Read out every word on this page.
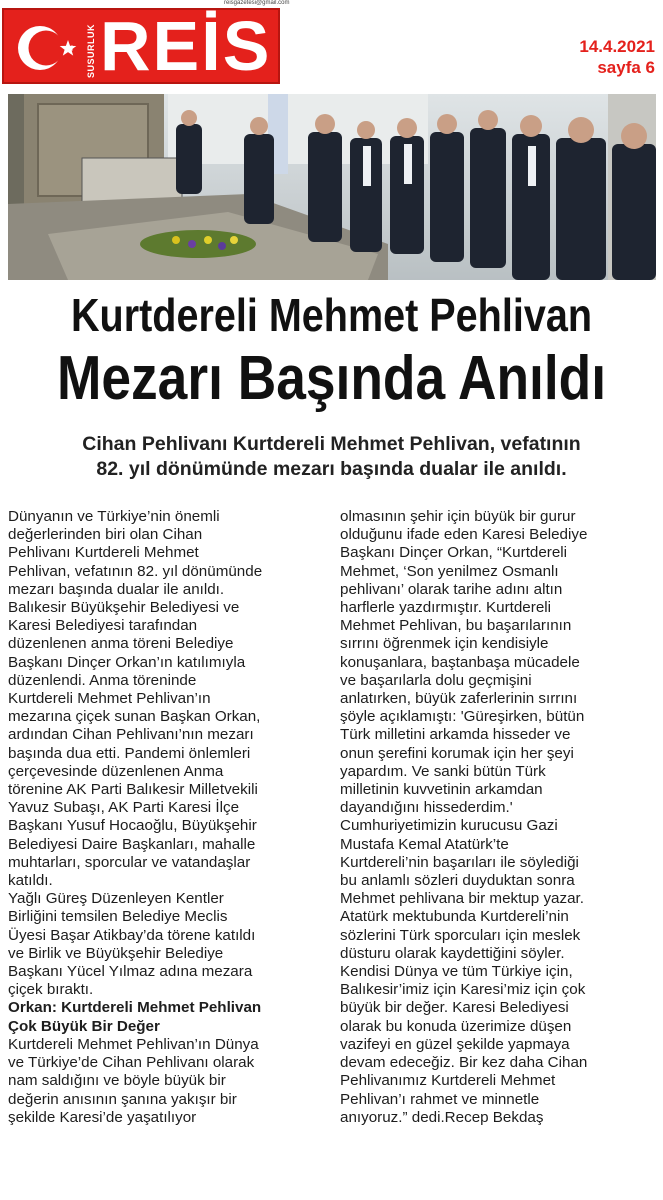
reisgazetesi@gmail.com
SUSURLUK REİS	14.4.2021
sayfa 6
Kurtdereli Mehmet Pehlivan
Mezarı Başında Anıldı
Cihan Pehlivanı Kurtdereli Mehmet Pehlivan, vefatının
82. yıl dönümünde mezarı başında dualar ile anıldı.
Dünyanın ve Türkiye’nin önemli
değerlerinden biri olan Cihan
Pehlivanı Kurtdereli Mehmet
Pehlivan, vefatının 82. yıl dönümünde
mezarı başında dualar ile anıldı.
Balıkesir Büyükşehir Belediyesi ve
Karesi Belediyesi tarafından
düzenlenen anma töreni Belediye
Başkanı Dinçer Orkan’ın katılımıyla
düzenlendi. Anma töreninde
Kurtdereli Mehmet Pehlivan’ın
mezarına çiçek sunan Başkan Orkan,
ardından Cihan Pehlivanı’nın mezarı
başında dua etti. Pandemi önlemleri
çerçevesinde düzenlenen Anma
törenine AK Parti Balıkesir Milletvekili
Yavuz Subaşı, AK Parti Karesi İlçe
Başkanı Yusuf Hocaoğlu, Büyükşehir
Belediyesi Daire Başkanları, mahalle
muhtarları, sporcular ve vatandaşlar
katıldı.
Yağlı Güreş Düzenleyen Kentler
Birliğini temsilen Belediye Meclis
Üyesi Başar Atikbay’da törene katıldı
ve Birlik ve Büyükşehir Belediye
Başkanı Yücel Yılmaz adına mezara
çiçek bıraktı.
Orkan: Kurtdereli Mehmet Pehlivan
Çok Büyük Bir Değer
Kurtdereli Mehmet Pehlivan’ın Dünya
ve Türkiye’de Cihan Pehlivanı olarak
nam saldığını ve böyle büyük bir
değerin anısının şanına yakışır bir
şekilde Karesi’de yaşatılıyor
olmasının şehir için büyük bir gurur
olduğunu ifade eden Karesi Belediye
Başkanı Dinçer Orkan, “Kurtdereli
Mehmet, ‘Son yenilmez Osmanlı
pehlivanı’ olarak tarihe adını altın
harflerle yazdırmıştır. Kurtdereli
Mehmet Pehlivan, bu başarılarının
sırrını öğrenmek için kendisiyle
konuşanlara, baştanbaşa mücadele
ve başarılarla dolu geçmişini
anlatırken, büyük zaferlerinin sırrını
şöyle açıklamıştı: 'Güreşirken, bütün
Türk milletini arkamda hisseder ve
onun şerefini korumak için her şeyi
yapardım. Ve sanki bütün Türk
milletinin kuvvetinin arkamdan
dayandığını hissederdim.'
Cumhuriyetimizin kurucusu Gazi
Mustafa Kemal Atatürk’te
Kurtdereli’nin başarıları ile söylediği
bu anlamlı sözleri duyduktan sonra
Mehmet pehlivana bir mektup yazar.
Atatürk mektubunda Kurtdereli’nin
sözlerini Türk sporcuları için meslek
düsturu olarak kaydettiğini söyler.
Kendisi Dünya ve tüm Türkiye için,
Balıkesir’imiz için Karesi’miz için çok
büyük bir değer. Karesi Belediyesi
olarak bu konuda üzerimize düşen
vazifeyi en güzel şekilde yapmaya
devam edeceğiz. Bir kez daha Cihan
Pehlivanımız Kurtdereli Mehmet
Pehlivan’ı rahmet ve minnetle
anıyoruz.” dedi.Recep Bekdaş
